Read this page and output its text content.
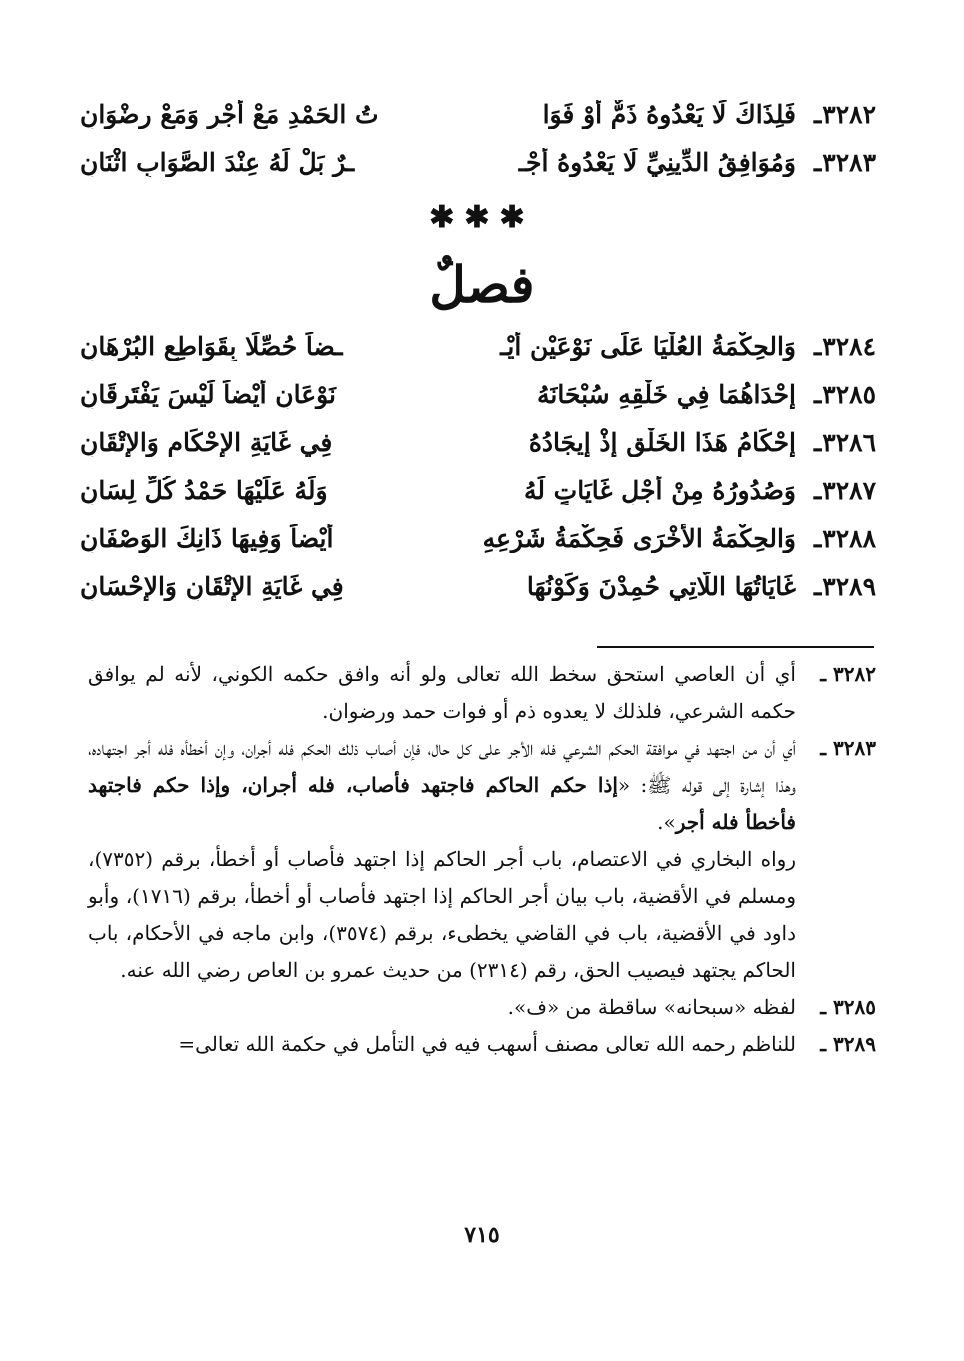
٣٢٨٢ـ
فَلِذَاكَ لَا يَعْدُوهُ ذَمٌّ أَوْ فَوَا
تُ الحَمْدِ مَعْ أَجْرٍ وَمَعْ رِضْوَانِ
٣٢٨٣ـ
وَمُوَافِقُ الدِّينِيِّ لَا يَعْدُوهُ أَجْـ
ـرٌ بَلْ لَهُ عِنْدَ الصَّوَابِ اثْنَانِ
✱✱✱
فصلٌ
٣٢٨٤ـ
وَالحِكْمَةُ العُلْيَا عَلَى نَوْعَيْنِ أَيْـ
ـضاً حُصِّلَا بِقَوَاطِعِ البُرْهَانِ
٣٢٨٥ـ
إِحْدَاهُمَا فِي خَلْقِهِ سُبْحَانَهُ
نَوْعَانِ أَيْضاً لَيْسَ يَفْتَرِقَانِ
٣٢٨٦ـ
إِحْكَامُ هَذَا الخَلْقِ إِذْ إِيجَادُهُ
فِي غَايَةِ الإِحْكَامِ وَالإِتْقَانِ
٣٢٨٧ـ
وَصُدُورُهُ مِنْ أَجْلِ غَايَاتٍ لَهُ
وَلَهُ عَلَيْهَا حَمْدُ كُلِّ لِسَانِ
٣٢٨٨ـ
وَالحِكْمَةُ الأُخْرَى فَحِكْمَةُ شَرْعِهِ
أَيْضاً وَفِيهَا ذَانِكَ الوَصْفَانِ
٣٢٨٩ـ
غَايَاتُهَا اللَّاتِي حُمِدْنَ وَكَوْنُهَا
فِي غَايَةِ الإِتْقَانِ وَالإِحْسَانِ
٣٢٨٢ ـ
أي أن العاصي استحق سخط الله تعالى ولو أنه وافق حكمه الكوني، لأنه لم يوافق حكمه الشرعي، فلذلك لا يعدوه ذم أو فوات حمد ورضوان.
٣٢٨٣ ـ
أي أن من اجتهد في موافقة الحكم الشرعي فله الأجر على كل حال، فإن أصاب ذلك الحكم فله أجران، وإن أخطأه فله أجر اجتهاده، وهذا إشارة إلى قوله ﷺ: «إذا حكم الحاكم فاجتهد فأصاب، فله أجران، وإذا حكم فاجتهد فأخطأ فله أجر».
رواه البخاري في الاعتصام، باب أجر الحاكم إذا اجتهد فأصاب أو أخطأ، برقم (٧٣٥٢)، ومسلم في الأقضية، باب بيان أجر الحاكم إذا اجتهد فأصاب أو أخطأ، برقم (١٧١٦)، وأبو داود في الأقضية، باب في القاضي يخطىء، برقم (٣٥٧٤)، وابن ماجه في الأحكام، باب الحاكم يجتهد فيصيب الحق، رقم (٢٣١٤) من حديث عمرو بن العاص رضي الله عنه.
٣٢٨٥ ـ
لفظه «سبحانه» ساقطة من «ف».
٣٢٨٩ ـ
للناظم رحمه الله تعالى مصنف أسهب فيه في التأمل في حكمة الله تعالى=
٧١٥
